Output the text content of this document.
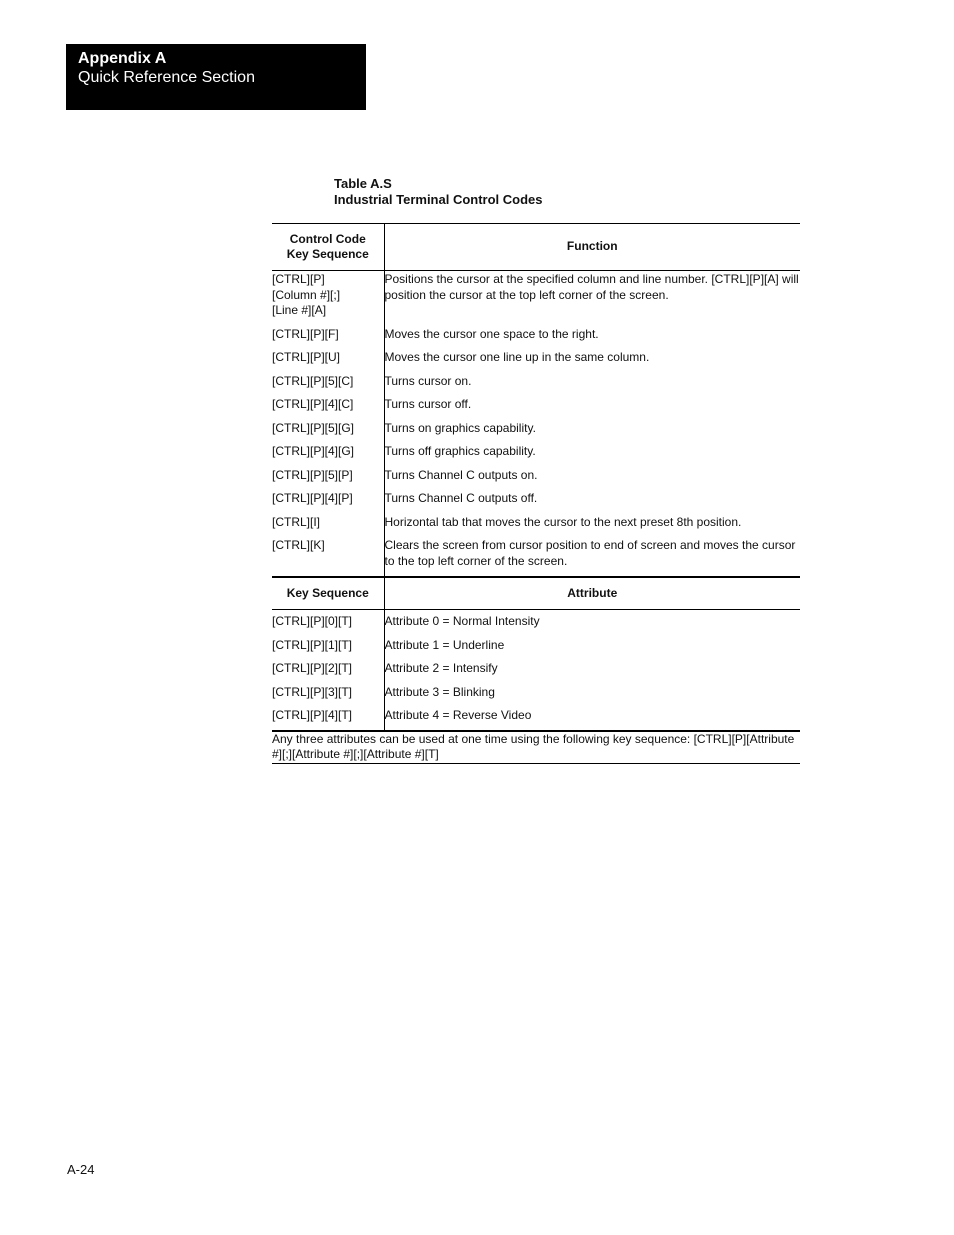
Appendix A
Quick Reference Section
Table A.S
Industrial Terminal Control Codes
Control Code
Key Sequence	Function
[CTRL][P]
[Column #][;]
[Line #][A]	Positions the cursor at the specified column and line number. [CTRL][P][A] will position the cursor at the top left corner of the screen.
[CTRL][P][F]	Moves the cursor one space to the right.
[CTRL][P][U]	Moves the cursor one line up in the same column.
[CTRL][P][5][C]	Turns cursor on.
[CTRL][P][4][C]	Turns cursor off.
[CTRL][P][5][G]	Turns on graphics capability.
[CTRL][P][4][G]	Turns off graphics capability.
[CTRL][P][5][P]	Turns Channel C outputs on.
[CTRL][P][4][P]	Turns Channel C outputs off.
[CTRL][I]	Horizontal tab that moves the cursor to the next preset 8th position.
[CTRL][K]	Clears the screen from cursor position to end of screen and moves the cursor to the top left corner of the screen.
Key Sequence	Attribute
[CTRL][P][0][T]	Attribute 0 = Normal Intensity
[CTRL][P][1][T]	Attribute 1 = Underline
[CTRL][P][2][T]	Attribute 2 = Intensify
[CTRL][P][3][T]	Attribute 3 = Blinking
[CTRL][P][4][T]	Attribute 4 = Reverse Video
Any three attributes can be used at one time using the following key sequence: [CTRL][P][Attribute #][;][Attribute #][;][Attribute #][T]	
A-24
